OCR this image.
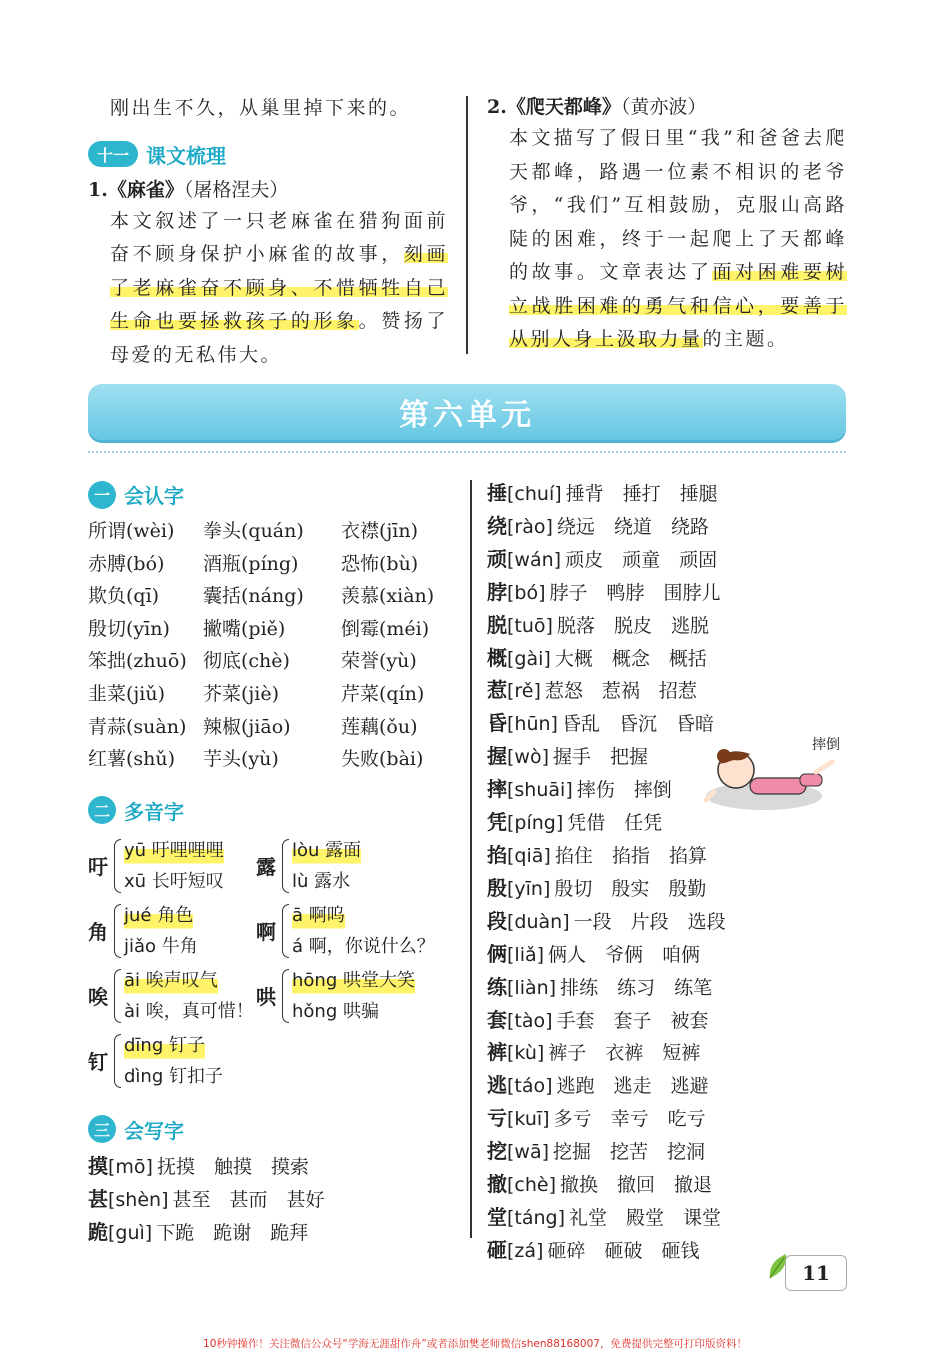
刚出生不久，从巢里掉下来的。
十一 课文梳理
1.《麻雀》（屠格涅夫）
本文叙述了一只老麻雀在猎狗面前奋不顾身保护小麻雀的故事，刻画了老麻雀奋不顾身、不惜牺牲自己生命也要拯救孩子的形象。赞扬了母爱的无私伟大。
2.《爬天都峰》（黄亦波）
本文描写了假日里“我”和爸爸去爬天都峰，路遇一位素不相识的老爷爷，“我们”互相鼓励，克服山高路陡的困难，终于一起爬上了天都峰的故事。文章表达了面对困难要树立战胜困难的勇气和信心，要善于从别人身上汲取力量的主题。
第六单元
一 会认字
所谓(wèi)	拳头(quán)	衣襟(jīn)
赤膊(bó)	酒瓶(píng)	恐怖(bù)
欺负(qī)	囊括(náng)	羡慕(xiàn)
殷切(yīn)	撇嘴(piě)	倒霉(méi)
笨拙(zhuō) 彻底(chè)	荣誉(yù)
韭菜(jiǔ)	芥菜(jiè)	芹菜(qín)
青蒜(suàn) 辣椒(jiāo)	莲藕(ǒu)
红薯(shǔ)	芋头(yù)	失败(bài)
二 多音字
吁
yū 吁哩哩哩
xū 长吁短叹
露
lòu 露面
lù 露水
角
jué 角色
jiǎo 牛角
啊
ā 啊呜
á 啊，你说什么？
唉
āi 唉声叹气
ài 唉，真可惜！
哄
hōng 哄堂大笑
hǒng 哄骗
钉
dīng 钉子
dìng 钉扣子
三 会写字
摸[mō] 抚摸　触摸　摸索
甚[shèn] 甚至　甚而　甚好
跪[guì] 下跪　跪谢　跪拜
捶[chuí] 捶背　捶打　捶腿
绕[rào] 绕远　绕道　绕路
顽[wán] 顽皮　顽童　顽固
脖[bó] 脖子　鸭脖　围脖儿
脱[tuō] 脱落　脱皮　逃脱
概[gài] 大概　概念　概括
惹[rě] 惹怒　惹祸　招惹
昏[hūn] 昏乱　昏沉　昏暗
握[wò] 握手　把握
摔[shuāi] 摔伤　摔倒
凭[píng] 凭借　任凭
掐[qiā] 掐住　掐指　掐算
殷[yīn] 殷切　殷实　殷勤
段[duàn] 一段　片段　选段
俩[liǎ] 俩人　爷俩　咱俩
练[liàn] 排练　练习　练笔
套[tào] 手套　套子　被套
裤[kù] 裤子　衣裤　短裤
逃[táo] 逃跑　逃走　逃避
亏[kuī] 多亏　幸亏　吃亏
挖[wā] 挖掘　挖苦　挖洞
撤[chè] 撤换　撤回　撤退
堂[táng] 礼堂　殿堂　课堂
砸[zá] 砸碎　砸破　砸钱
摔倒
11
10秒钟操作！关注微信公众号“学海无涯甜作舟”或者添加樊老师微信shen88168007，免费提供完整可打印版资料！
